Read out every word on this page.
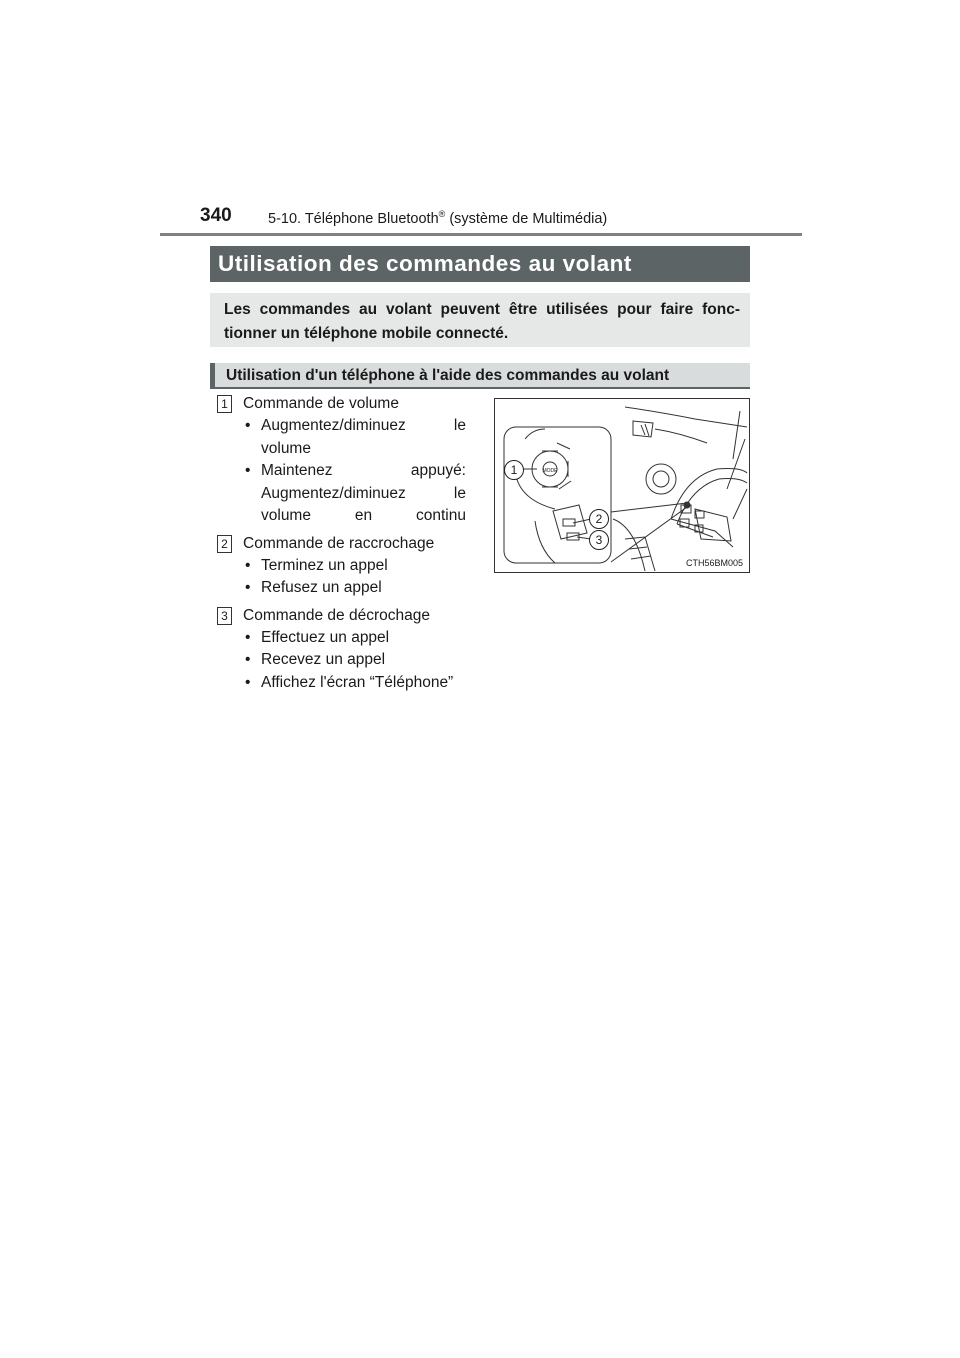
340	5-10. Téléphone Bluetooth® (système de Multimédia)
Utilisation des commandes au volant
Les commandes au volant peuvent être utilisées pour faire fonc-tionner un téléphone mobile connecté.
Utilisation d'un téléphone à l'aide des commandes au volant
1 Commande de volume
• Augmentez/diminuez le volume
• Maintenez appuyé: Augmentez/diminuez le volume en continu
2 Commande de raccrochage
• Terminez un appel
• Refusez un appel
3 Commande de décrochage
• Effectuez un appel
• Recevez un appel
• Affichez l'écran “Téléphone”
MODE
1
2
3
CTH56BM005
